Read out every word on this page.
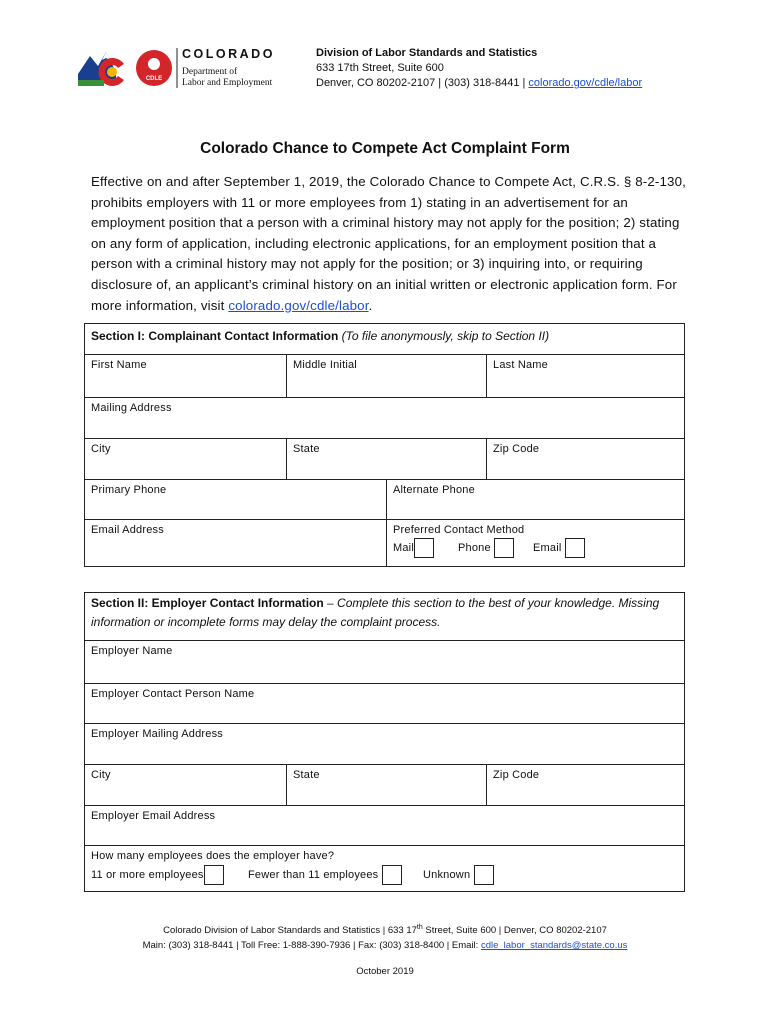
CDLE
COLORADO
Department of
Labor and Employment
Division of Labor Standards and Statistics
633 17th Street, Suite 600
Denver, CO 80202-2107 | (303) 318-8441 | colorado.gov/cdle/labor
Colorado Chance to Compete Act Complaint Form
Effective on and after September 1, 2019, the Colorado Chance to Compete Act, C.R.S. § 8-2-130, prohibits employers with 11 or more employees from 1) stating in an advertisement for an employment position that a person with a criminal history may not apply for the position; 2) stating on any form of application, including electronic applications, for an employment position that a person with a criminal history may not apply for the position; or 3) inquiring into, or requiring disclosure of, an applicant’s criminal history on an initial written or electronic application form. For more information, visit colorado.gov/cdle/labor.
Section I: Complainant Contact Information (To file anonymously, skip to Section II)
First Name	Middle Initial	Last Name
Mailing Address
City	State	Zip Code
Primary Phone	Alternate Phone
Email Address	Preferred Contact Method
Mail	Phone	Email
Section II: Employer Contact Information – Complete this section to the best of your knowledge. Missing information or incomplete forms may delay the complaint process.
Employer Name
Employer Contact Person Name
Employer Mailing Address
City	State	Zip Code
Employer Email Address
How many employees does the employer have?
11 or more employees	Fewer than 11 employees	Unknown
Colorado Division of Labor Standards and Statistics | 633 17th Street, Suite 600 | Denver, CO 80202-2107
Main: (303) 318-8441 | Toll Free: 1-888-390-7936 | Fax: (303) 318-8400 | Email: cdle_labor_standards@state.co.us
October 2019
